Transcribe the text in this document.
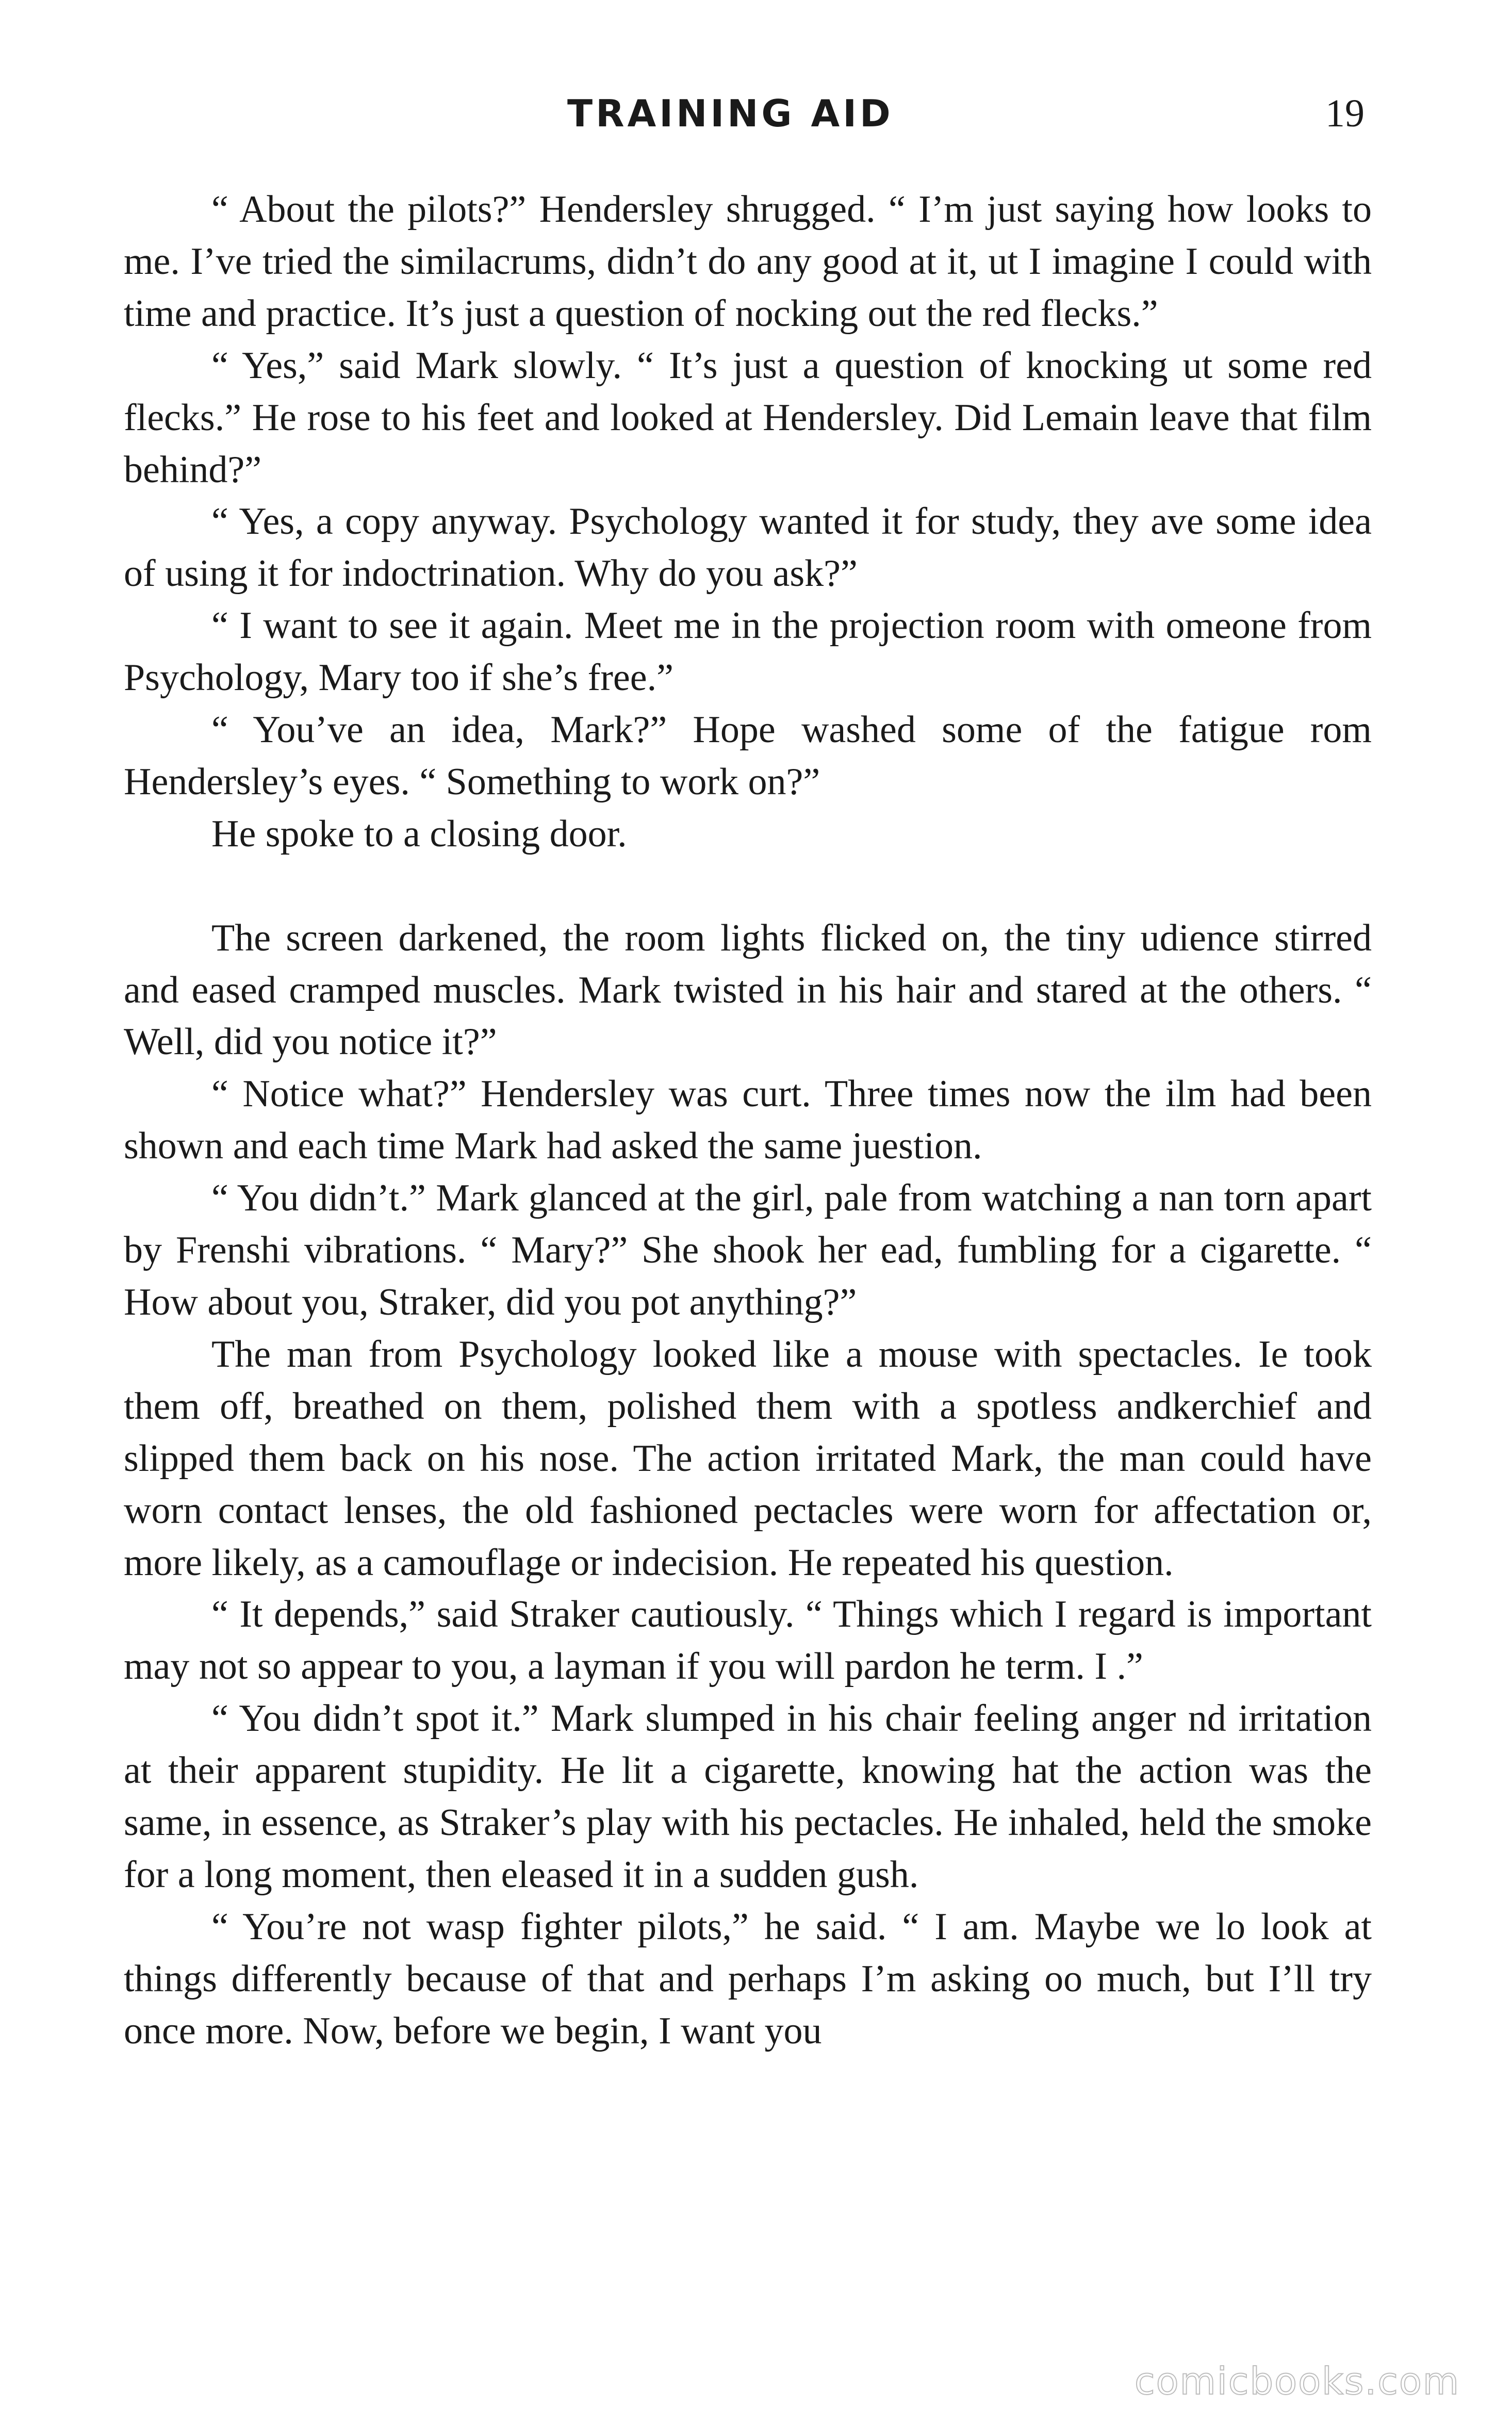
TRAINING AID	19

“ About the pilots?” Hendersley shrugged. “ I’m just saying how looks to me. I’ve tried the similacrums, didn’t do any good at it, ut I imagine I could with time and practice. It’s just a question of nocking out the red flecks.”

“ Yes,” said Mark slowly. “ It’s just a question of knocking ut some red flecks.” He rose to his feet and looked at Hendersley. Did Lemain leave that film behind?”

“ Yes, a copy anyway. Psychology wanted it for study, they ave some idea of using it for indoctrination. Why do you ask?”

“ I want to see it again. Meet me in the projection room with omeone from Psychology, Mary too if she’s free.”

“ You’ve an idea, Mark?” Hope washed some of the fatigue rom Hendersley’s eyes. “ Something to work on?”

He spoke to a closing door.

The screen darkened, the room lights flicked on, the tiny udience stirred and eased cramped muscles. Mark twisted in his hair and stared at the others. “ Well, did you notice it?”

“ Notice what?” Hendersley was curt. Three times now the ilm had been shown and each time Mark had asked the same juestion.

“ You didn’t.” Mark glanced at the girl, pale from watching a nan torn apart by Frenshi vibrations. “ Mary?” She shook her ead, fumbling for a cigarette. “ How about you, Straker, did you pot anything?”

The man from Psychology looked like a mouse with spectacles. Ie took them off, breathed on them, polished them with a spotless andkerchief and slipped them back on his nose. The action irritated Mark, the man could have worn contact lenses, the old fashioned pectacles were worn for affectation or, more likely, as a camouflage or indecision. He repeated his question.

“ It depends,” said Straker cautiously. “ Things which I regard is important may not so appear to you, a layman if you will pardon he term. I .”

“ You didn’t spot it.” Mark slumped in his chair feeling anger nd irritation at their apparent stupidity. He lit a cigarette, knowing hat the action was the same, in essence, as Straker’s play with his pectacles. He inhaled, held the smoke for a long moment, then eleased it in a sudden gush.

“ You’re not wasp fighter pilots,” he said. “ I am. Maybe we lo look at things differently because of that and perhaps I’m asking oo much, but I’ll try once more. Now, before we begin, I want you

comicbooks.com
